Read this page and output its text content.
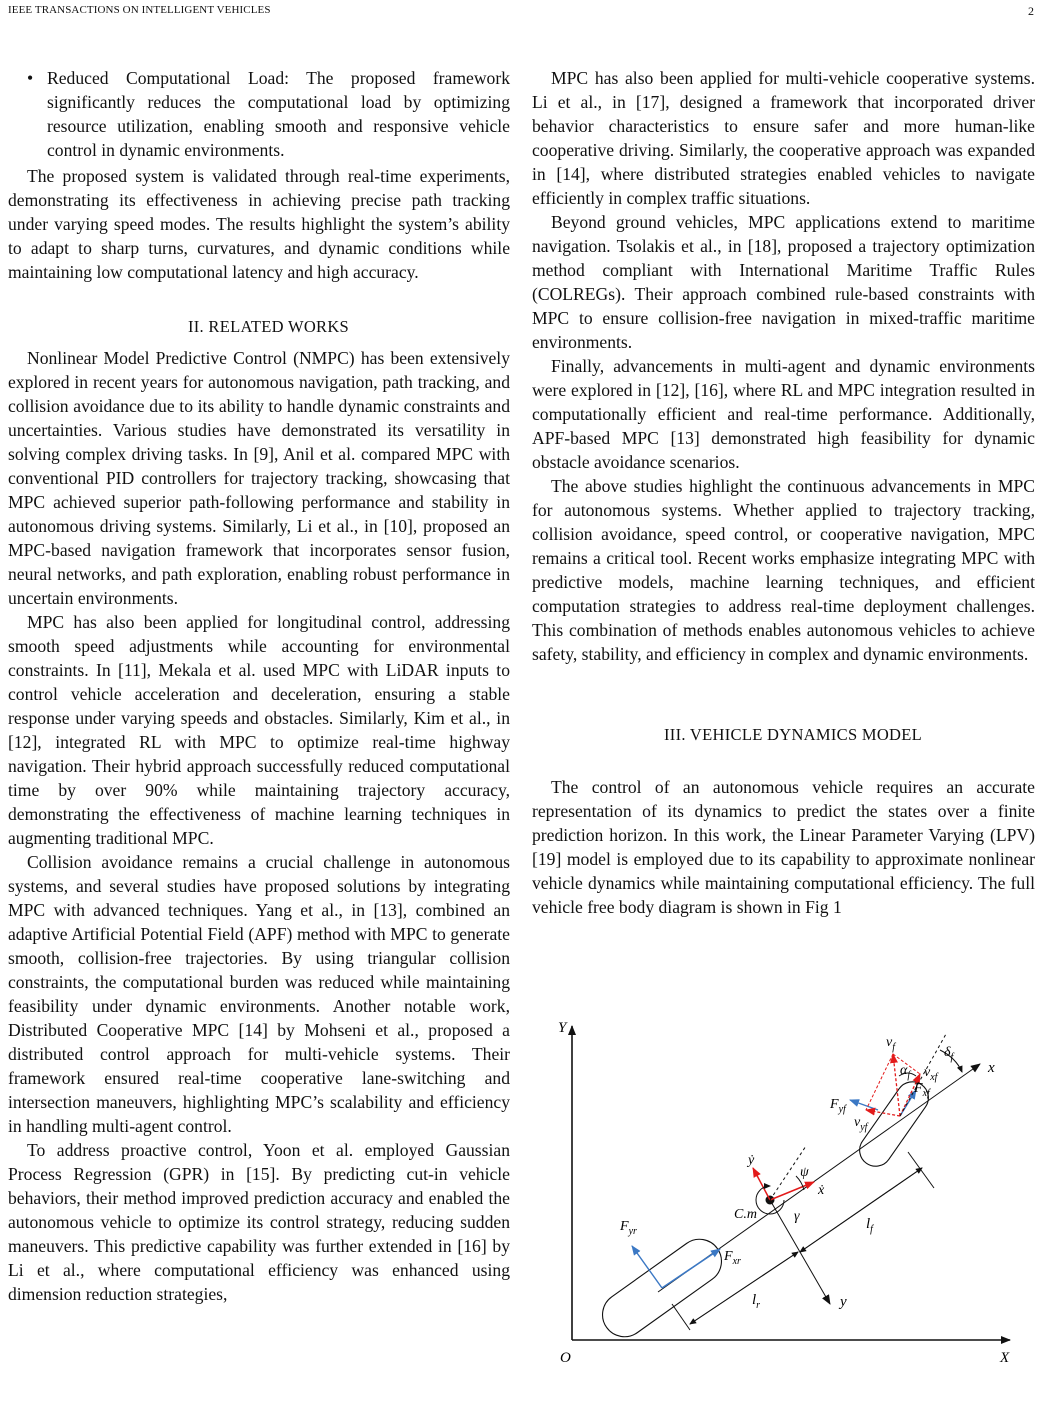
IEEE TRANSACTIONS ON INTELLIGENT VEHICLES	2
• Reduced Computational Load: The proposed framework significantly reduces the computational load by optimizing resource utilization, enabling smooth and responsive vehicle control in dynamic environments.

The proposed system is validated through real-time experiments, demonstrating its effectiveness in achieving precise path tracking under varying speed modes. The results highlight the system’s ability to adapt to sharp turns, curvatures, and dynamic conditions while maintaining low computational latency and high accuracy.

II. RELATED WORKS

Nonlinear Model Predictive Control (NMPC) has been extensively explored in recent years for autonomous navigation, path tracking, and collision avoidance due to its ability to handle dynamic constraints and uncertainties. Various studies have demonstrated its versatility in solving complex driving tasks. In [9], Anil et al. compared MPC with conventional PID controllers for trajectory tracking, showcasing that MPC achieved superior path-following performance and stability in autonomous driving systems. Similarly, Li et al., in [10], proposed an MPC-based navigation framework that incorporates sensor fusion, neural networks, and path exploration, enabling robust performance in uncertain environments.

MPC has also been applied for longitudinal control, addressing smooth speed adjustments while accounting for environmental constraints. In [11], Mekala et al. used MPC with LiDAR inputs to control vehicle acceleration and deceleration, ensuring a stable response under varying speeds and obstacles. Similarly, Kim et al., in [12], integrated RL with MPC to optimize real-time highway navigation. Their hybrid approach successfully reduced computational time by over 90% while maintaining trajectory accuracy, demonstrating the effectiveness of machine learning techniques in augmenting traditional MPC.

Collision avoidance remains a crucial challenge in autonomous systems, and several studies have proposed solutions by integrating MPC with advanced techniques. Yang et al., in [13], combined an adaptive Artificial Potential Field (APF) method with MPC to generate smooth, collision-free trajectories. By using triangular collision constraints, the computational burden was reduced while maintaining feasibility under dynamic environments. Another notable work, Distributed Cooperative MPC [14] by Mohseni et al., proposed a distributed control approach for multi-vehicle systems. Their framework ensured real-time cooperative lane-switching and intersection maneuvers, highlighting MPC’s scalability and efficiency in handling multi-agent control.

To address proactive control, Yoon et al. employed Gaussian Process Regression (GPR) in [15]. By predicting cut-in vehicle behaviors, their method improved prediction accuracy and enabled the autonomous vehicle to optimize its control strategy, reducing sudden maneuvers. This predictive capability was further extended in [16] by Li et al., where computational efficiency was enhanced using dimension reduction strategies,

MPC has also been applied for multi-vehicle cooperative systems. Li et al., in [17], designed a framework that incorporated driver behavior characteristics to ensure safer and more human-like cooperative driving. Similarly, the cooperative approach was expanded in [14], where distributed strategies enabled vehicles to navigate efficiently in complex traffic situations.

Beyond ground vehicles, MPC applications extend to maritime navigation. Tsolakis et al., in [18], proposed a trajectory optimization method compliant with International Maritime Traffic Rules (COLREGs). Their approach combined rule-based constraints with MPC to ensure collision-free navigation in mixed-traffic maritime environments.

Finally, advancements in multi-agent and dynamic environments were explored in [12], [16], where RL and MPC integration resulted in computationally efficient and real-time performance. Additionally, APF-based MPC [13] demonstrated high feasibility for dynamic obstacle avoidance scenarios.

The above studies highlight the continuous advancements in MPC for autonomous systems. Whether applied to trajectory tracking, collision avoidance, speed control, or cooperative navigation, MPC remains a critical tool. Recent works emphasize integrating MPC with predictive models, machine learning techniques, and efficient computation strategies to address real-time deployment challenges. This combination of methods enables autonomous vehicles to achieve safety, stability, and efficiency in complex and dynamic environments.

III. VEHICLE DYNAMICS MODEL

The control of an autonomous vehicle requires an accurate representation of its dynamics to predict the states over a finite prediction horizon. In this work, the Linear Parameter Varying (LPV) [19] model is employed due to its capability to approximate nonlinear vehicle dynamics while maintaining computational efficiency. The full vehicle free body diagram is shown in Fig 1

Y
X
O
x
$F_{yr}$
$F_{xr}$
$v_f$	$\delta_f$
$\alpha_f$ $v_{xf}$
$F_{xf}$
$F_{yf}$
$v_{yf}$
ẏ
ψ
ẋ
C.m	γ
y
$l_f$
$l_r$
